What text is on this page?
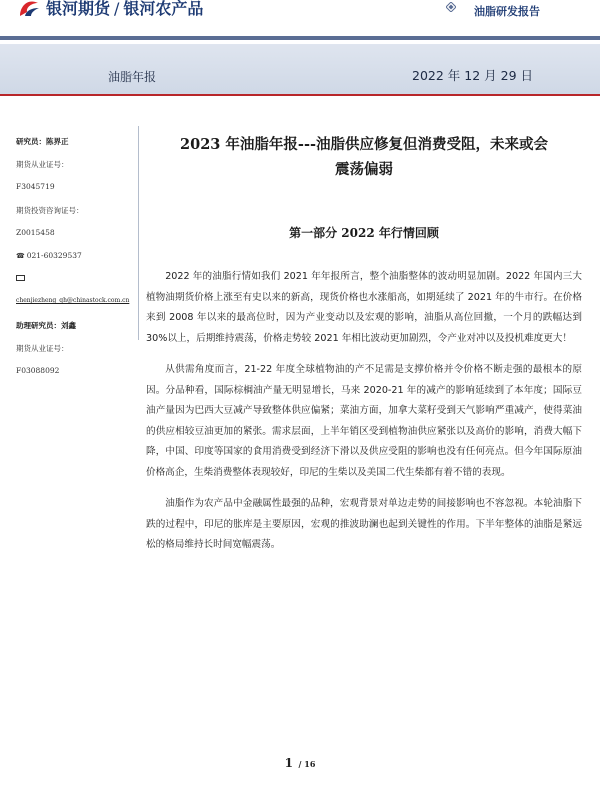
银河期货 / 银河农产品	油脂研发报告
油脂年报	2022 年 12 月 29 日
研究员：陈界正
期货从业证号：
F3045719
期货投资咨询证号：
Z0015458
☎ 021-60329537
chenjiezheng_qh@chinastock.com.cn
助理研究员：刘鑫
期货从业证号：
F03088092
2023 年油脂年报---油脂供应修复但消费受阻，未来或会
震荡偏弱
第一部分 2022 年行情回顾

2022 年的油脂行情如我们 2021 年年报所言，整个油脂整体的波动明显加剧。2022 年国内三大植物油期货价格上涨至有史以来的新高，现货价格也水涨船高，如期延续了 2021 年的牛市行。在价格来到 2008 年以来的最高位时，因为产业变动以及宏观的影响，油脂从高位回撤，一个月的跌幅达到 30%以上，后期维持震荡，价格走势较 2021 年相比波动更加剧烈，令产业对冲以及投机难度更大！

从供需角度而言，21-22 年度全球植物油的产不足需是支撑价格并令价格不断走强的最根本的原因。分品种看，国际棕榈油产量无明显增长，马来 2020-21 年的减产的影响延续到了本年度；国际豆油产量因为巴西大豆减产导致整体供应偏紧；菜油方面，加拿大菜籽受到天气影响严重减产，使得菜油的供应相较豆油更加的紧张。需求层面，上半年销区受到植物油供应紧张以及高价的影响，消费大幅下降，中国、印度等国家的食用消费受到经济下滑以及供应受阻的影响也没有任何亮点。但今年国际原油价格高企，生柴消费整体表现较好，印尼的生柴以及美国二代生柴都有着不错的表现。

油脂作为农产品中金融属性最强的品种，宏观背景对单边走势的间接影响也不容忽视。本轮油脂下跌的过程中，印尼的胀库是主要原因，宏观的推波助澜也起到关键性的作用。下半年整体的油脂是紧远松的格局维持长时间宽幅震荡。

1 / 16
